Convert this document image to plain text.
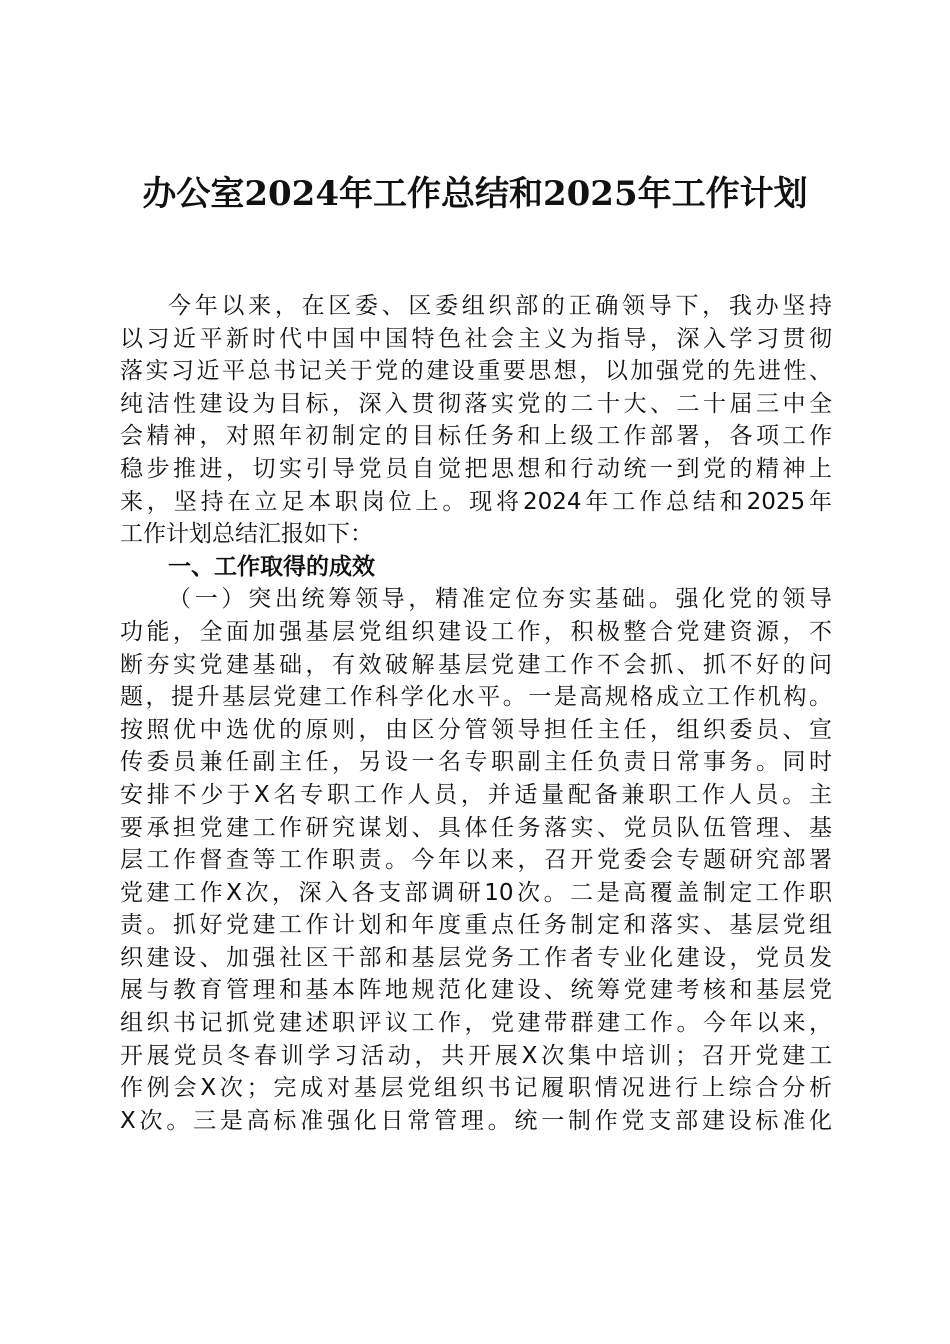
办公室2024年工作总结和2025年工作计划
今年以来，在区委、区委组织部的正确领导下，我办坚持
以习近平新时代中国中国特色社会主义为指导，深入学习贯彻
落实习近平总书记关于党的建设重要思想，以加强党的先进性、
纯洁性建设为目标，深入贯彻落实党的二十大、二十届三中全
会精神，对照年初制定的目标任务和上级工作部署，各项工作
稳步推进，切实引导党员自觉把思想和行动统一到党的精神上
来，坚持在立足本职岗位上。现将2024年工作总结和2025年
工作计划总结汇报如下：
一、工作取得的成效
（一）突出统筹领导，精准定位夯实基础。强化党的领导
功能，全面加强基层党组织建设工作，积极整合党建资源，不
断夯实党建基础，有效破解基层党建工作不会抓、抓不好的问
题，提升基层党建工作科学化水平。一是高规格成立工作机构。
按照优中选优的原则，由区分管领导担任主任，组织委员、宣
传委员兼任副主任，另设一名专职副主任负责日常事务。同时
安排不少于X名专职工作人员，并适量配备兼职工作人员。主
要承担党建工作研究谋划、具体任务落实、党员队伍管理、基
层工作督查等工作职责。今年以来，召开党委会专题研究部署
党建工作X次，深入各支部调研10次。二是高覆盖制定工作职
责。抓好党建工作计划和年度重点任务制定和落实、基层党组
织建设、加强社区干部和基层党务工作者专业化建设，党员发
展与教育管理和基本阵地规范化建设、统筹党建考核和基层党
组织书记抓党建述职评议工作，党建带群建工作。今年以来，
开展党员冬春训学习活动，共开展X次集中培训；召开党建工
作例会X次；完成对基层党组织书记履职情况进行上综合分析
X次。三是高标准强化日常管理。统一制作党支部建设标准化
